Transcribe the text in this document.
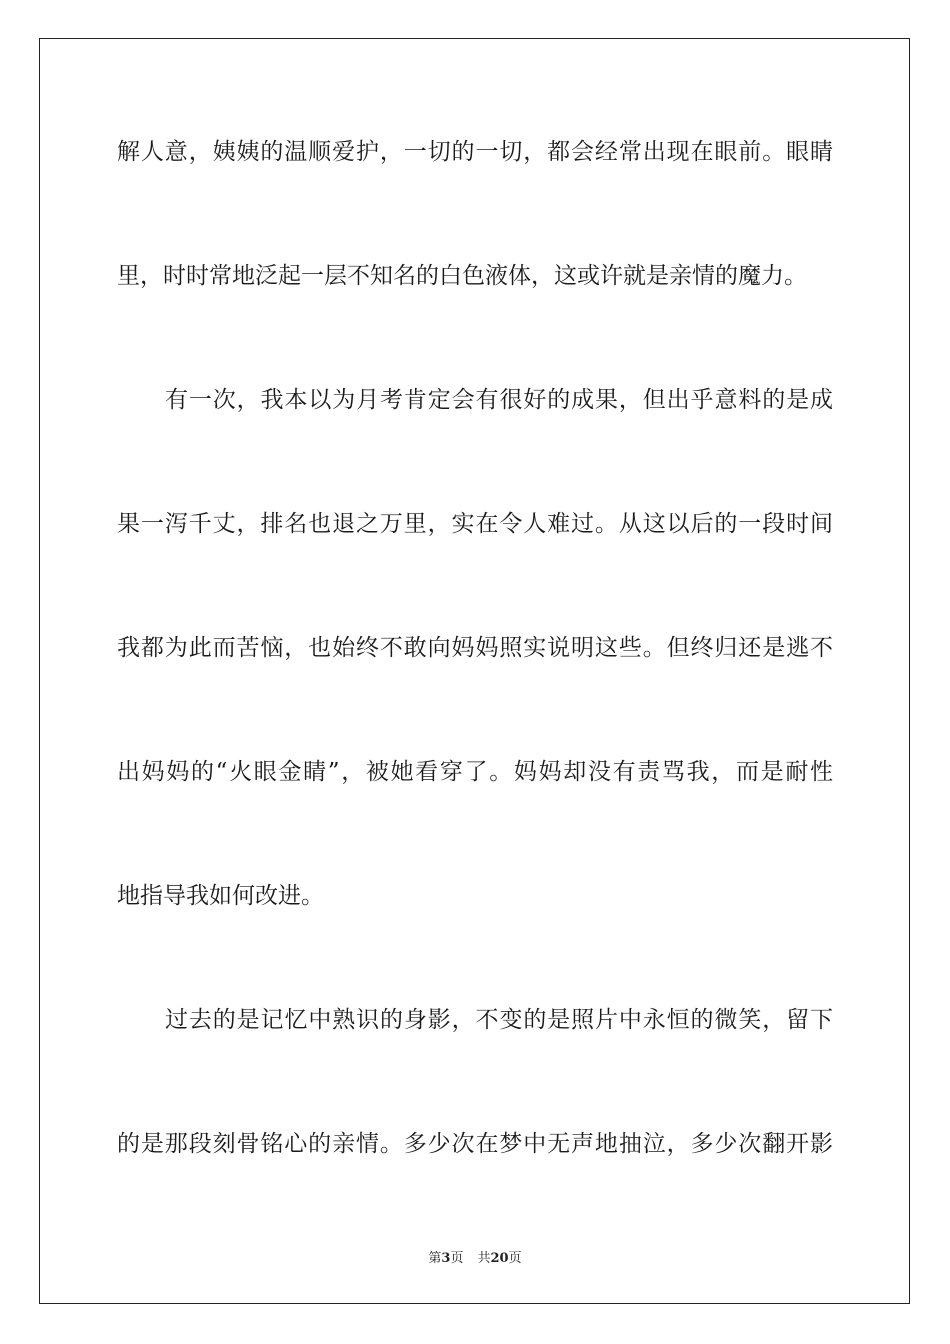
解人意，姨姨的温顺爱护，一切的一切，都会经常出现在眼前。眼睛
里，时时常地泛起一层不知名的白色液体，这或许就是亲情的魔力。
有一次，我本以为月考肯定会有很好的成果，但出乎意料的是成
果一泻千丈，排名也退之万里，实在令人难过。从这以后的一段时间
我都为此而苦恼，也始终不敢向妈妈照实说明这些。但终归还是逃不
出妈妈的“火眼金睛”，被她看穿了。妈妈却没有责骂我，而是耐性
地指导我如何改进。
过去的是记忆中熟识的身影，不变的是照片中永恒的微笑，留下
的是那段刻骨铭心的亲情。多少次在梦中无声地抽泣，多少次翻开影
第3页 共20页
